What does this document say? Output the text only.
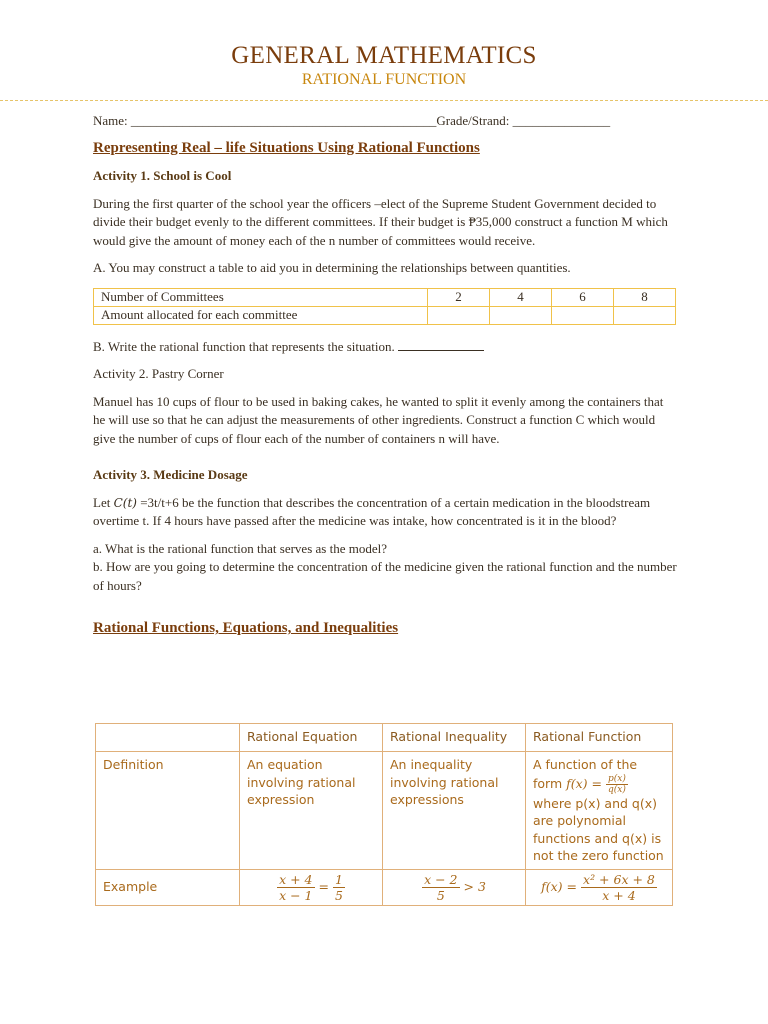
GENERAL MATHEMATICS
RATIONAL FUNCTION
Name: _______________________________________________Grade/Strand: _______________
Representing Real – life Situations Using Rational Functions
Activity 1. School is Cool

During the first quarter of the school year the officers –elect of the Supreme Student Government decided to divide their budget evenly to the different committees. If their budget is ₱35,000 construct a function M which would give the amount of money each of the n number of committees would receive.

A. You may construct a table to aid you in determining the relationships between quantities.

Number of Committees	2	4	6	8
Amount allocated for each committee				

B. Write the rational function that represents the situation.

Activity 2. Pastry Corner

Manuel has 10 cups of flour to be used in baking cakes, he wanted to split it evenly among the containers that he will use so that he can adjust the measurements of other ingredients. Construct a function C which would give the number of cups of flour each of the number of containers n will have.

Activity 3. Medicine Dosage

Let C(t) =3t/t+6 be the function that describes the concentration of a certain medication in the bloodstream overtime t. If 4 hours have passed after the medicine was intake, how concentrated is it in the blood?

a. What is the rational function that serves as the model?
b. How are you going to determine the concentration of the medicine given the rational function and the number of hours?

Rational Functions, Equations, and Inequalities
	Rational Equation	Rational Inequality	Rational Function
Definition	An equation involving rational expression	An inequality involving rational expressions	A function of the form $f(x) = \frac{p(x)}{q(x)}$

where p(x) and q(x) are polynomial functions and q(x) is not the zero function
Example	$\frac{x + 4}{x - 1} = \frac{1}{5}$	$\frac{x - 2}{5} > 3$	$f(x) = \frac{\text{x² + 6x + 8}}{x + 4}$
